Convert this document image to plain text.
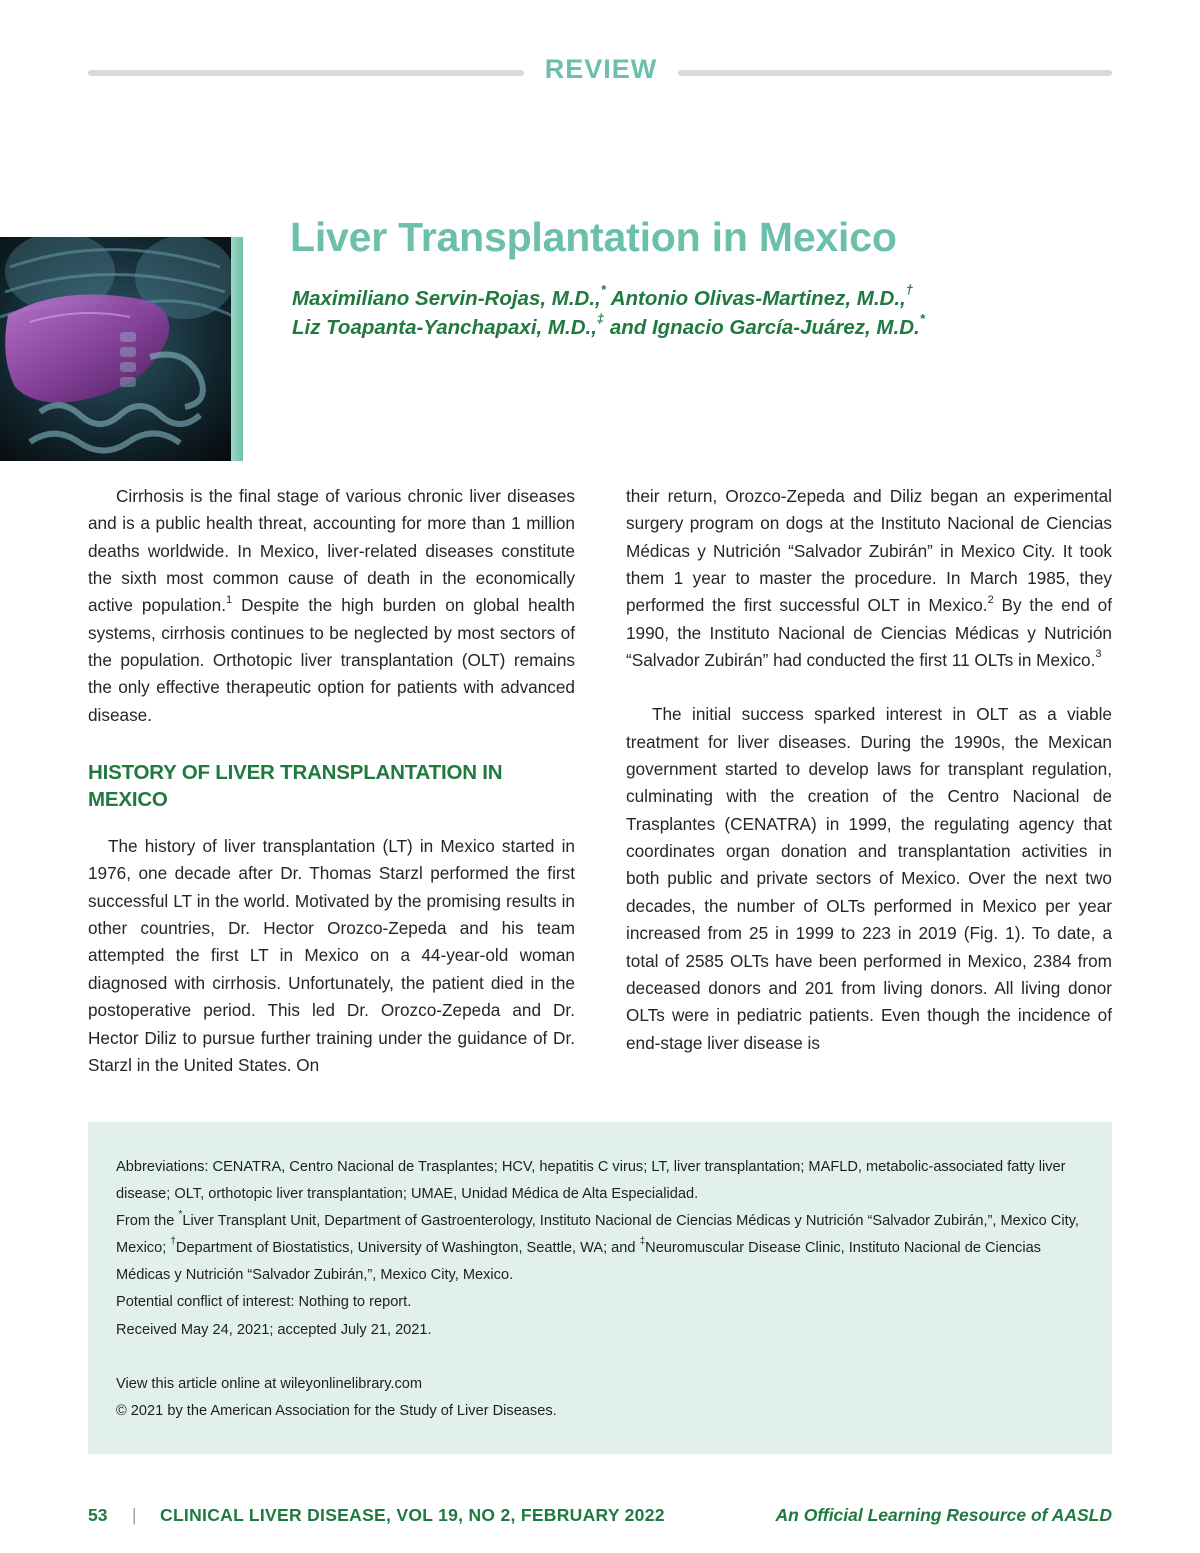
REVIEW
Liver Transplantation in Mexico
Maximiliano Servin-Rojas, M.D.,* Antonio Olivas-Martinez, M.D.,†
Liz Toapanta-Yanchapaxi, M.D.,‡ and Ignacio García-Juárez, M.D.*

Cirrhosis is the final stage of various chronic liver diseases and is a public health threat, accounting for more than 1 million deaths worldwide. In Mexico, liver-related diseases constitute the sixth most common cause of death in the economically active population.$^1$ Despite the high burden on global health systems, cirrhosis continues to be neglected by most sectors of the population. Orthotopic liver transplantation (OLT) remains the only effective therapeutic option for patients with advanced disease.

HISTORY OF LIVER TRANSPLANTATION IN MEXICO

The history of liver transplantation (LT) in Mexico started in 1976, one decade after Dr. Thomas Starzl performed the first successful LT in the world. Motivated by the promising results in other countries, Dr. Hector Orozco-Zepeda and his team attempted the first LT in Mexico on a 44-year-old woman diagnosed with cirrhosis. Unfortunately, the patient died in the postoperative period. This led Dr. Orozco-Zepeda and Dr. Hector Diliz to pursue further training under the guidance of Dr. Starzl in the United States. On

their return, Orozco-Zepeda and Diliz began an experimental surgery program on dogs at the Instituto Nacional de Ciencias Médicas y Nutrición “Salvador Zubirán” in Mexico City. It took them 1 year to master the procedure. In March 1985, they performed the first successful OLT in Mexico.$^2$ By the end of 1990, the Instituto Nacional de Ciencias Médicas y Nutrición “Salvador Zubirán” had conducted the first 11 OLTs in Mexico.$^3$

The initial success sparked interest in OLT as a viable treatment for liver diseases. During the 1990s, the Mexican government started to develop laws for transplant regulation, culminating with the creation of the Centro Nacional de Trasplantes (CENATRA) in 1999, the regulating agency that coordinates organ donation and transplantation activities in both public and private sectors of Mexico. Over the next two decades, the number of OLTs performed in Mexico per year increased from 25 in 1999 to 223 in 2019 (Fig. 1). To date, a total of 2585 OLTs have been performed in Mexico, 2384 from deceased donors and 201 from living donors. All living donor OLTs were in pediatric patients. Even though the incidence of end-stage liver disease is

Abbreviations: CENATRA, Centro Nacional de Trasplantes; HCV, hepatitis C virus; LT, liver transplantation; MAFLD, metabolic-associated fatty liver disease; OLT, orthotopic liver transplantation; UMAE, Unidad Médica de Alta Especialidad.
From the *Liver Transplant Unit, Department of Gastroenterology, Instituto Nacional de Ciencias Médicas y Nutrición “Salvador Zubirán,”, Mexico City, Mexico; †Department of Biostatistics, University of Washington, Seattle, WA; and ‡Neuromuscular Disease Clinic, Instituto Nacional de Ciencias Médicas y Nutrición “Salvador Zubirán,”, Mexico City, Mexico.
Potential conflict of interest: Nothing to report.
Received May 24, 2021; accepted July 21, 2021.
View this article online at wileyonlinelibrary.com
© 2021 by the American Association for the Study of Liver Diseases.
53 | CLINICAL LIVER DISEASE, VOL 19, NO 2, FEBRUARY 2022	An Official Learning Resource of AASLD
